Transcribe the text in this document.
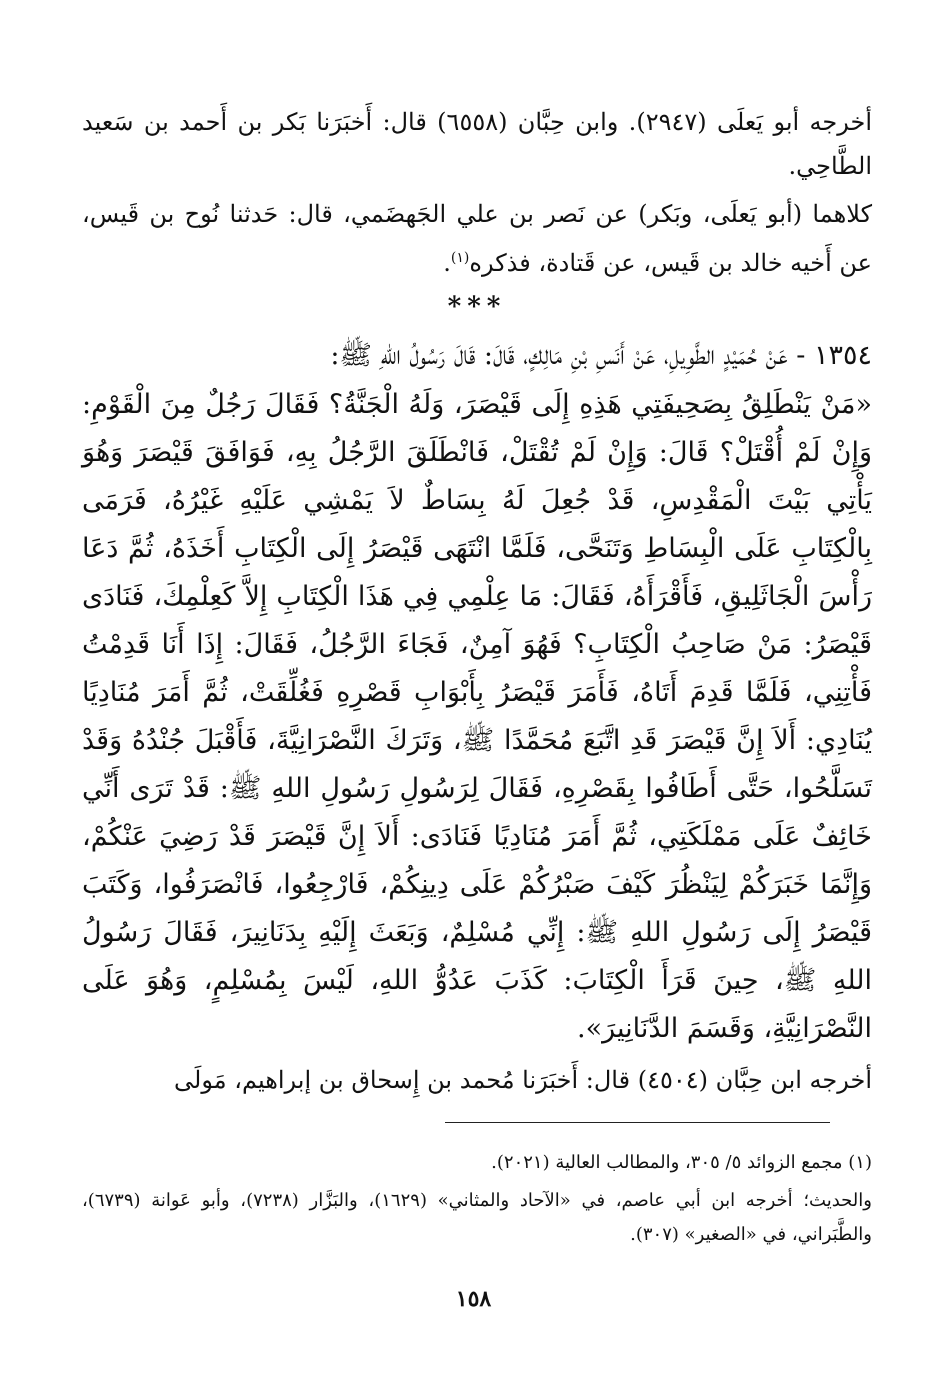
أخرجه أبو يَعلَى (٢٩٤٧). وابن حِبَّان (٦٥٥٨) قال: أَخبَرَنا بَكر بن أَحمد بن سَعيد الطَّاحِي.

كلاهما (أبو يَعلَى، وبَكر) عن نَصر بن علي الجَهضَمي، قال: حَدثنا نُوح بن قَيس، عن أَخيه خالد بن قَيس، عن قَتادة، فذكره$^{(١)}$.

***

١٣٥٤ - عَنْ حُمَيْدٍ الطَّوِيلِ، عَنْ أَنَسِ بْنِ مَالِكٍ، قَالَ: قَالَ رَسُولُ اللهِ ﷺ:

«مَنْ يَنْطَلِقُ بِصَحِيفَتِي هَذِهِ إِلَى قَيْصَرَ، وَلَهُ الْجَنَّةُ؟ فَقَالَ رَجُلٌ مِنَ الْقَوْمِ: وَإِنْ لَمْ أُقْتَلْ؟ قَالَ: وَإِنْ لَمْ تُقْتَلْ، فَانْطَلَقَ الرَّجُلُ بِهِ، فَوَافَقَ قَيْصَرَ وَهُوَ يَأْتِي بَيْتَ الْمَقْدِسِ، قَدْ جُعِلَ لَهُ بِسَاطٌ لاَ يَمْشِي عَلَيْهِ غَيْرُهُ، فَرَمَى بِالْكِتَابِ عَلَى الْبِسَاطِ وَتَنَحَّى، فَلَمَّا انْتَهَى قَيْصَرُ إِلَى الْكِتَابِ أَخَذَهُ، ثُمَّ دَعَا رَأْسَ الْجَاثَلِيقِ، فَأَقْرَأَهُ، فَقَالَ: مَا عِلْمِي فِي هَذَا الْكِتَابِ إِلاَّ كَعِلْمِكَ، فَنَادَى قَيْصَرُ: مَنْ صَاحِبُ الْكِتَابِ؟ فَهُوَ آمِنٌ، فَجَاءَ الرَّجُلُ، فَقَالَ: إِذَا أَنَا قَدِمْتُ فَأْتِنِي، فَلَمَّا قَدِمَ أَتَاهُ، فَأَمَرَ قَيْصَرُ بِأَبْوَابِ قَصْرِهِ فَغُلِّقَتْ، ثُمَّ أَمَرَ مُنَادِيًا يُنَادِي: أَلاَ إِنَّ قَيْصَرَ قَدِ اتَّبَعَ مُحَمَّدًا ﷺ، وَتَرَكَ النَّصْرَانِيَّةَ، فَأَقْبَلَ جُنْدُهُ وَقَدْ تَسَلَّحُوا، حَتَّى أَطَافُوا بِقَصْرِهِ، فَقَالَ لِرَسُولِ رَسُولِ اللهِ ﷺ: قَدْ تَرَى أَنِّي خَائِفٌ عَلَى مَمْلَكَتِي، ثُمَّ أَمَرَ مُنَادِيًا فَنَادَى: أَلاَ إِنَّ قَيْصَرَ قَدْ رَضِيَ عَنْكُمْ، وَإِنَّمَا خَبَرَكُمْ لِيَنْظُرَ كَيْفَ صَبْرُكُمْ عَلَى دِينِكُمْ، فَارْجِعُوا، فَانْصَرَفُوا، وَكَتَبَ قَيْصَرُ إِلَى رَسُولِ اللهِ ﷺ: إِنِّي مُسْلِمٌ، وَبَعَثَ إِلَيْهِ بِدَنَانِيرَ، فَقَالَ رَسُولُ اللهِ ﷺ، حِينَ قَرَأَ الْكِتَابَ: كَذَبَ عَدُوُّ اللهِ، لَيْسَ بِمُسْلِمٍ، وَهُوَ عَلَى النَّصْرَانِيَّةِ، وَقَسَمَ الدَّنَانِيرَ».

أخرجه ابن حِبَّان (٤٥٠٤) قال: أَخبَرَنا مُحمد بن إِسحاق بن إبراهيم، مَولَى

(١) مجمع الزوائد ٥/ ٣٠٥، والمطالب العالية (٢٠٢١).

والحديث؛ أخرجه ابن أبي عاصم، في «الآحاد والمثاني» (١٦٢٩)، والبَزَّار (٧٢٣٨)، وأبو عَوانة (٦٧٣٩)، والطَّبَراني، في «الصغير» (٣٠٧).

١٥٨
